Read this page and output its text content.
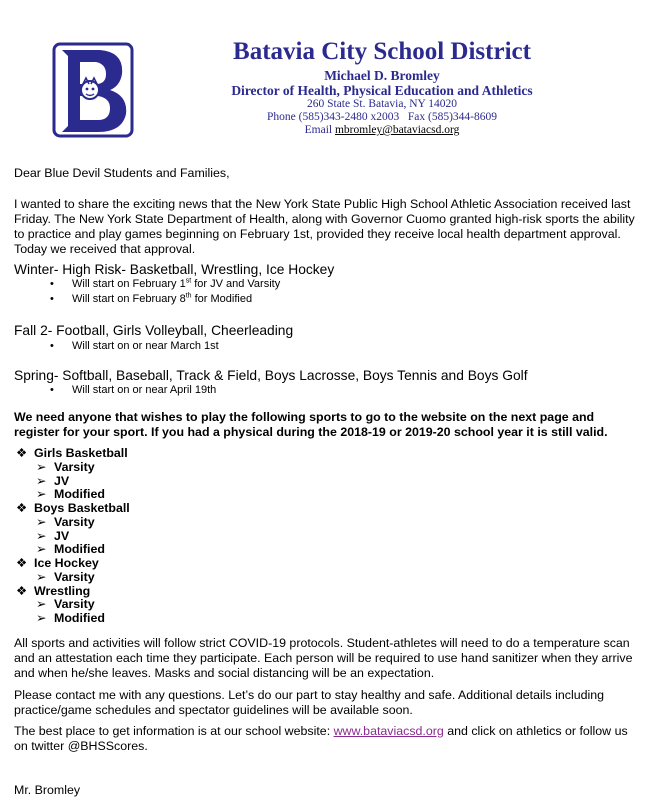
Batavia City School District
Michael D. Bromley
Director of Health, Physical Education and Athletics
260 State St. Batavia, NY 14020
Phone (585)343-2480 x2003   Fax (585)344-8609
Email mbromley@bataviacsd.org

Dear Blue Devil Students and Families,

I wanted to share the exciting news that the New York State Public High School Athletic Association received last Friday. The New York State Department of Health, along with Governor Cuomo granted high-risk sports the ability to practice and play games beginning on February 1st, provided they receive local health department approval. Today we received that approval.

Winter- High Risk- Basketball, Wrestling, Ice Hockey

• Will start on February 1st for JV and Varsity

• Will start on February 8th for Modified

Fall 2- Football, Girls Volleyball, Cheerleading

• Will start on or near March 1st

Spring- Softball, Baseball, Track & Field, Boys Lacrosse, Boys Tennis and Boys Golf

• Will start on or near April 19th

We need anyone that wishes to play the following sports to go to the website on the next page and register for your sport. If you had a physical during the 2018-19 or 2019-20 school year it is still valid.

❖ Girls Basketball

➢ Varsity

➢ JV

➢ Modified

❖ Boys Basketball

➢ Varsity

➢ JV

➢ Modified

❖ Ice Hockey

➢ Varsity

❖ Wrestling

➢ Varsity

➢ Modified

All sports and activities will follow strict COVID-19 protocols. Student-athletes will need to do a temperature scan and an attestation each time they participate. Each person will be required to use hand sanitizer when they arrive and when he/she leaves. Masks and social distancing will be an expectation.

Please contact me with any questions. Let’s do our part to stay healthy and safe. Additional details including practice/game schedules and spectator guidelines will be available soon.

The best place to get information is at our school website: www.bataviacsd.org and click on athletics or follow us on twitter @BHSScores.

Mr. Bromley
